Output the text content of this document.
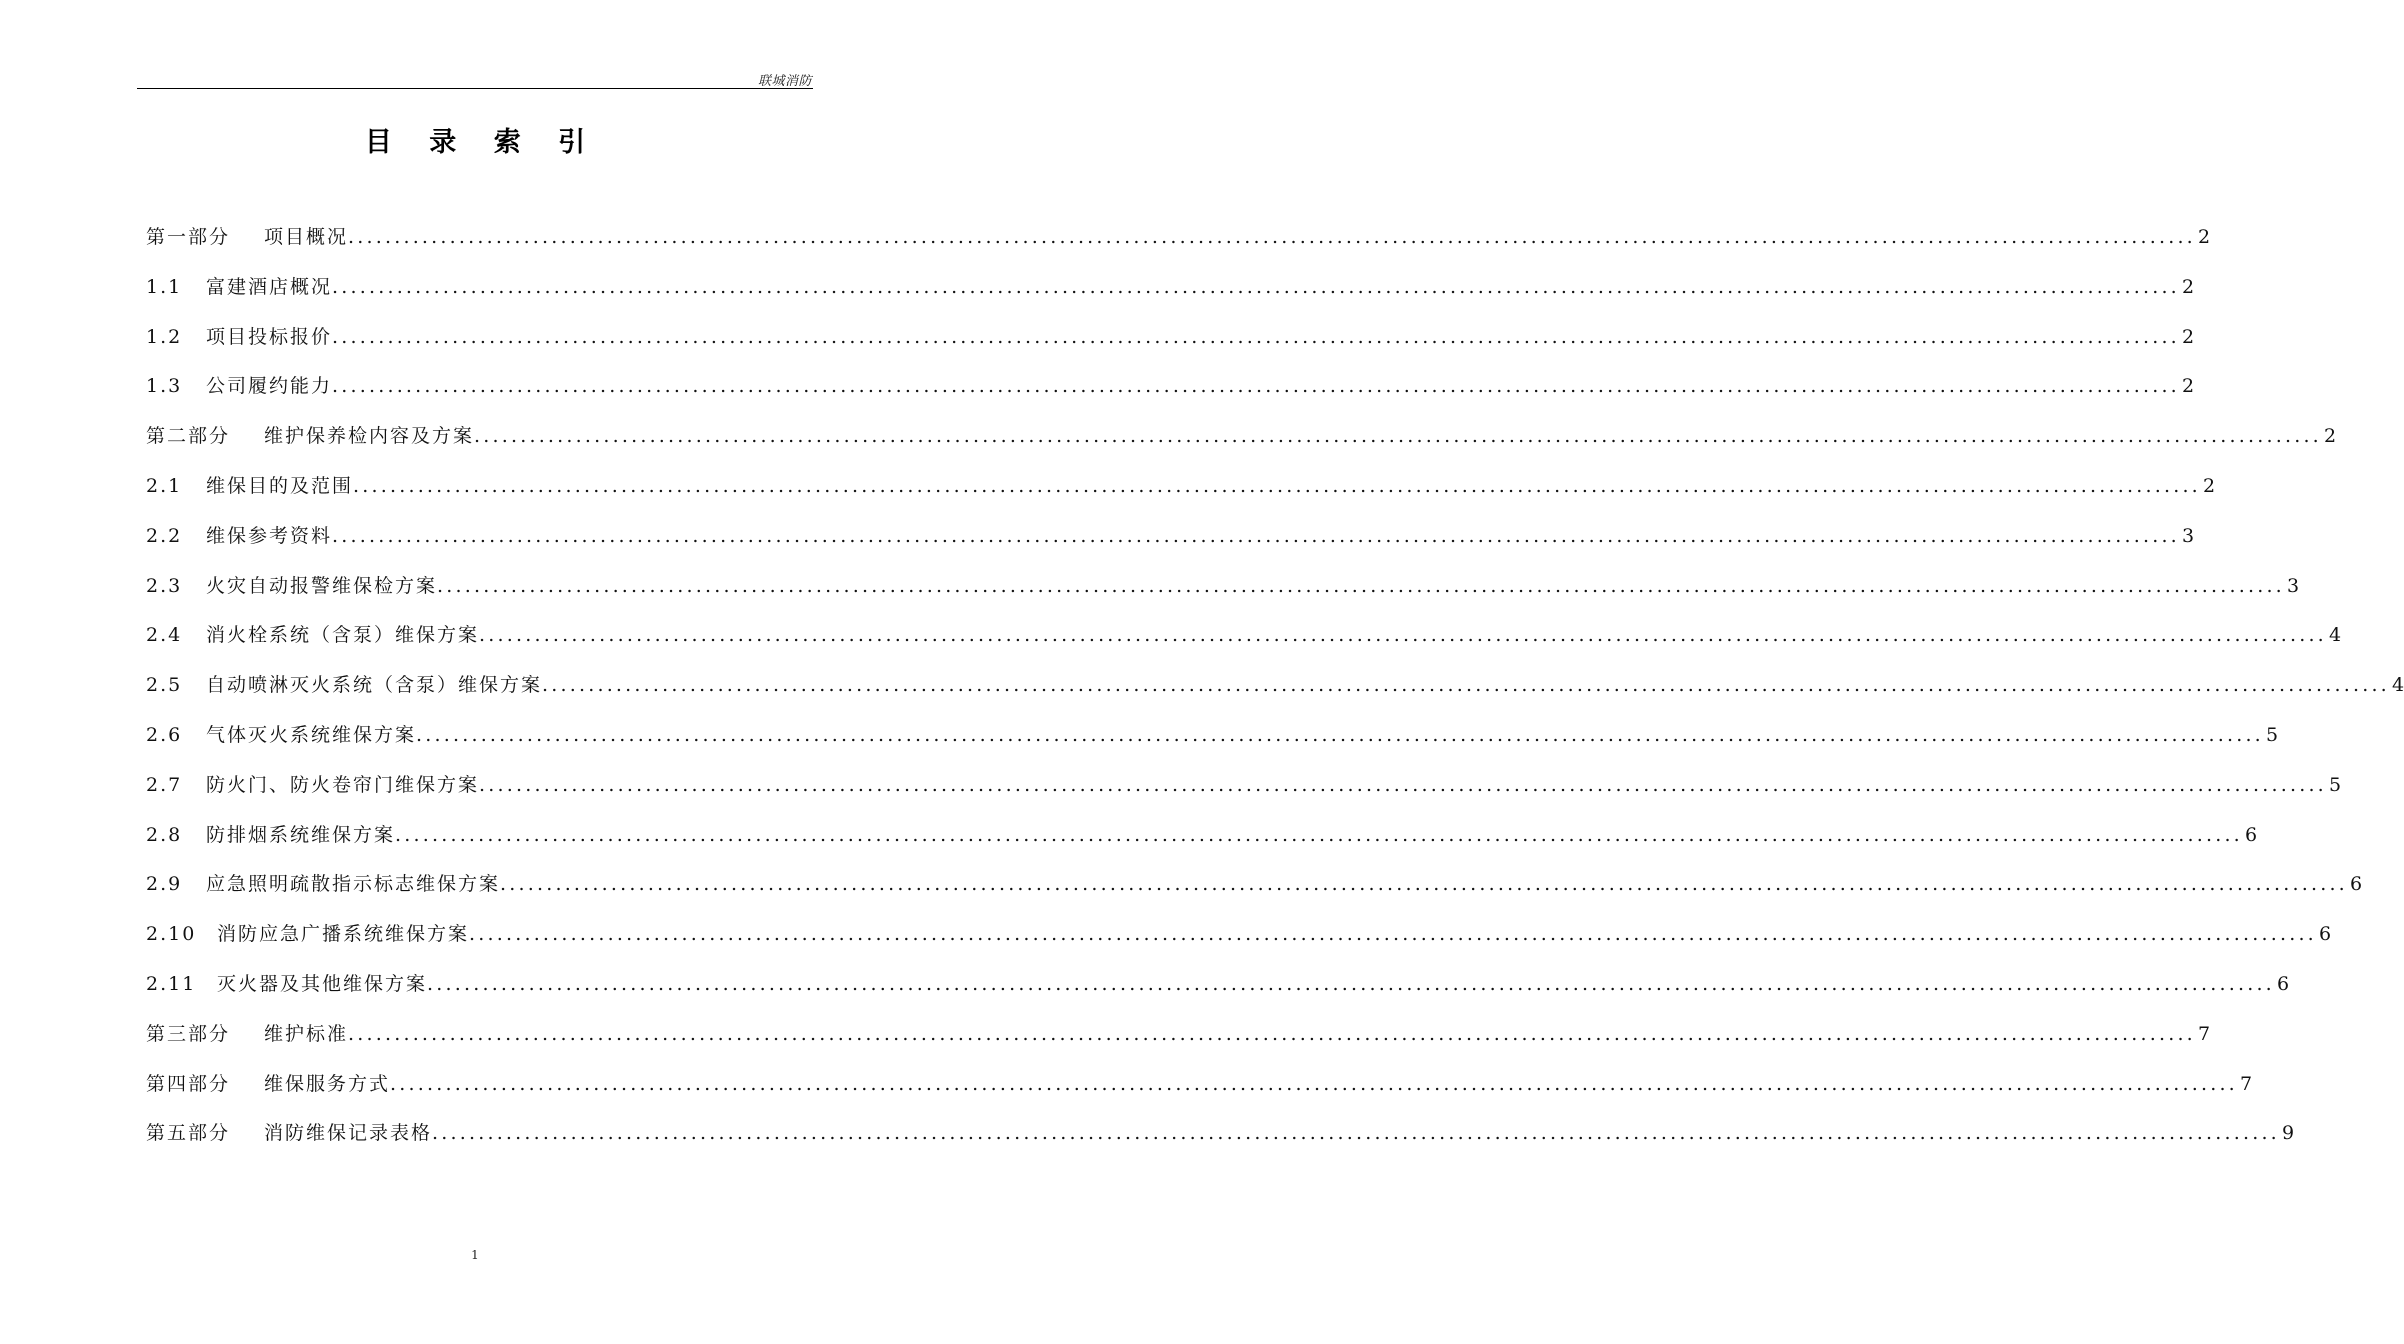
联城消防
目 录 索 引
第一部分	项目概况 ........................................................................................................................................................................................................ 2
1.1	富建酒店概况 ........................................................................................................................................................................................................ 2
1.2	项目投标报价 ........................................................................................................................................................................................................ 2
1.3	公司履约能力 ........................................................................................................................................................................................................ 2
第二部分	维护保养检内容及方案 ........................................................................................................................................................................................................ 2
2.1	维保目的及范围 ........................................................................................................................................................................................................ 2
2.2	维保参考资料 ........................................................................................................................................................................................................ 3
2.3	火灾自动报警维保检方案 ........................................................................................................................................................................................................ 3
2.4	消火栓系统（含泵）维保方案 ........................................................................................................................................................................................................ 4
2.5	自动喷淋灭火系统（含泵）维保方案 ........................................................................................................................................................................................................ 4
2.6	气体灭火系统维保方案 ........................................................................................................................................................................................................ 5
2.7	防火门、防火卷帘门维保方案 ........................................................................................................................................................................................................ 5
2.8	防排烟系统维保方案 ........................................................................................................................................................................................................ 6
2.9	应急照明疏散指示标志维保方案 ........................................................................................................................................................................................................ 6
2.10	消防应急广播系统维保方案 ........................................................................................................................................................................................................ 6
2.11	灭火器及其他维保方案 ........................................................................................................................................................................................................ 6
第三部分	维护标准 ........................................................................................................................................................................................................ 7
第四部分	维保服务方式 ........................................................................................................................................................................................................ 7
第五部分	消防维保记录表格 ........................................................................................................................................................................................................ 9
1
